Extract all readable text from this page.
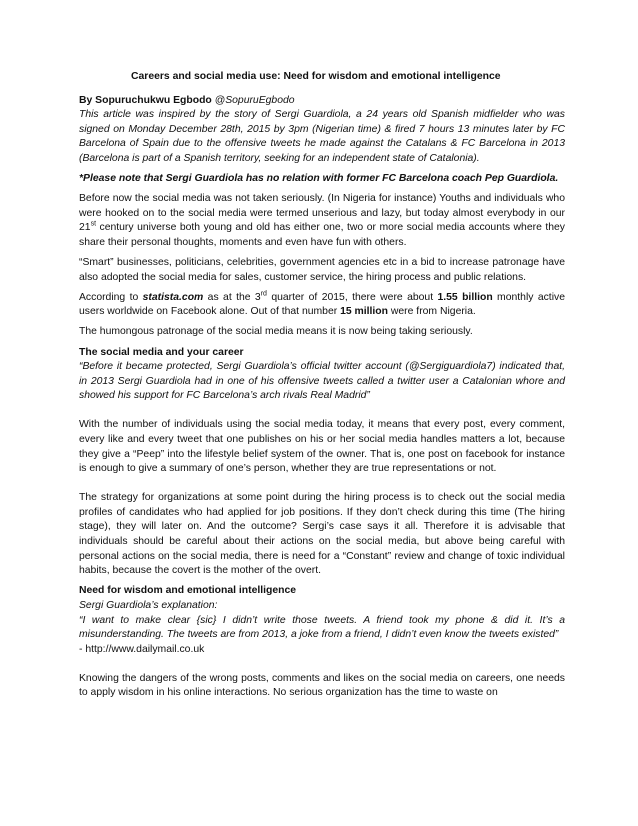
Careers and social media use: Need for wisdom and emotional intelligence

By Sopuruchukwu Egbodo @SopuruEgbodo

This article was inspired by the story of Sergi Guardiola, a 24 years old Spanish midfielder who was signed on Monday December 28th, 2015 by 3pm (Nigerian time) & fired 7 hours 13 minutes later by FC Barcelona of Spain due to the offensive tweets he made against the Catalans & FC Barcelona in 2013 (Barcelona is part of a Spanish territory, seeking for an independent state of Catalonia).

*Please note that Sergi Guardiola has no relation with former FC Barcelona coach Pep Guardiola.

Before now the social media was not taken seriously. (In Nigeria for instance) Youths and individuals who were hooked on to the social media were termed unserious and lazy, but today almost everybody in our 21st century universe both young and old has either one, two or more social media accounts where they share their personal thoughts, moments and even have fun with others.

“Smart” businesses, politicians, celebrities, government agencies etc in a bid to increase patronage have also adopted the social media for sales, customer service, the hiring process and public relations.

According to statista.com as at the 3rd quarter of 2015, there were about 1.55 billion monthly active users worldwide on Facebook alone. Out of that number 15 million were from Nigeria.

The humongous patronage of the social media means it is now being taking seriously.

The social media and your career

“Before it became protected, Sergi Guardiola’s official twitter account (@Sergiguardiola7) indicated that, in 2013 Sergi Guardiola had in one of his offensive tweets called a twitter user a Catalonian whore and showed his support for FC Barcelona’s arch rivals Real Madrid”

With the number of individuals using the social media today, it means that every post, every comment, every like and every tweet that one publishes on his or her social media handles matters a lot, because they give a “Peep” into the lifestyle belief system of the owner. That is, one post on facebook for instance is enough to give a summary of one’s person, whether they are true representations or not.

The strategy for organizations at some point during the hiring process is to check out the social media profiles of candidates who had applied for job positions. If they don’t check during this time (The hiring stage), they will later on. And the outcome? Sergi’s case says it all. Therefore it is advisable that individuals should be careful about their actions on the social media, but above being careful with personal actions on the social media, there is need for a “Constant” review and change of toxic individual habits, because the covert is the mother of the overt.

Need for wisdom and emotional intelligence

Sergi Guardiola’s explanation:

“I want to make clear {sic} I didn’t write those tweets. A friend took my phone & did it. It’s a misunderstanding. The tweets are from 2013, a joke from a friend, I didn’t even know the tweets existed”

- http://www.dailymail.co.uk

Knowing the dangers of the wrong posts, comments and likes on the social media on careers, one needs to apply wisdom in his online interactions. No serious organization has the time to waste on
